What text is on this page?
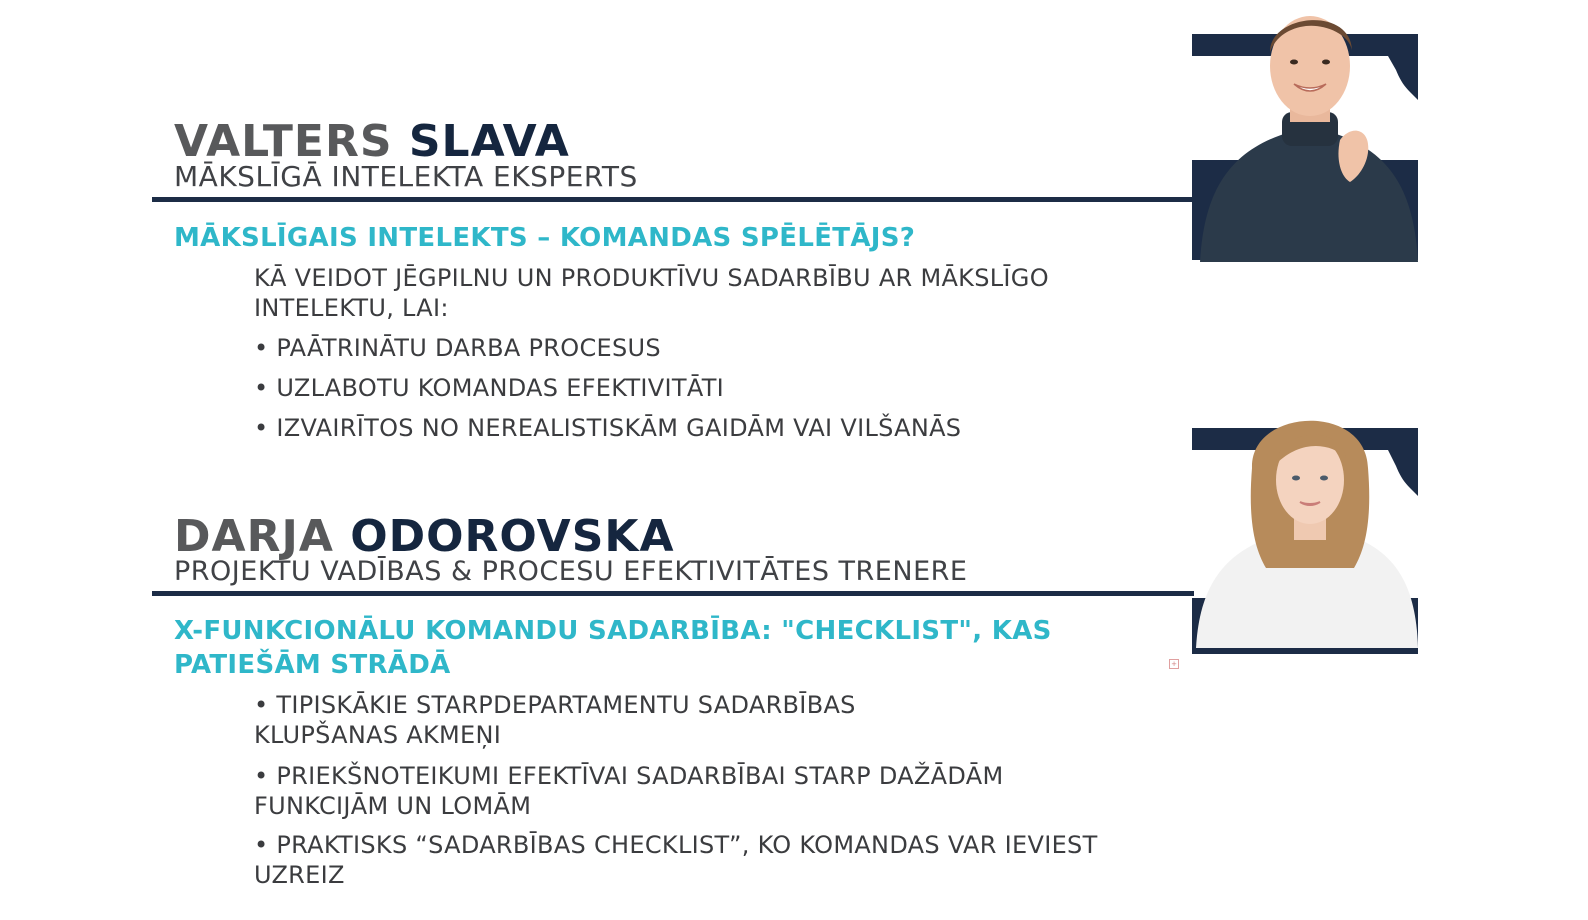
VALTERS SLAVA
MĀKSLĪGĀ INTELEKTA EKSPERTS
MĀKSLĪGAIS INTELEKTS – KOMANDAS SPĒLĒTĀJS?
KĀ VEIDOT JĒGPILNU UN PRODUKTĪVU SADARBĪBU AR MĀKSLĪGO INTELEKTU, LAI:
• PAĀTRINĀTU DARBA PROCESUS
• UZLABOTU KOMANDAS EFEKTIVITĀTI
• IZVAIRĪTOS NO NEREALISTISKĀM GAIDĀM VAI VILŠANĀS
DARJA ODOROVSKA
PROJEKTU VADĪBAS & PROCESU EFEKTIVITĀTES TRENERE
X-FUNKCIONĀLU KOMANDU SADARBĪBA: "CHECKLIST", KAS PATIEŠĀM STRĀDĀ
• TIPISKĀKIE STARPDEPARTAMENTU SADARBĪBAS KLUPŠANAS AKMEŅI
• PRIEKŠNOTEIKUMI EFEKTĪVAI SADARBĪBAI STARP DAŽĀDĀM FUNKCIJĀM UN LOMĀM
• PRAKTISKS “SADARBĪBAS CHECKLIST”, KO KOMANDAS VAR IEVIEST UZREIZ
+
